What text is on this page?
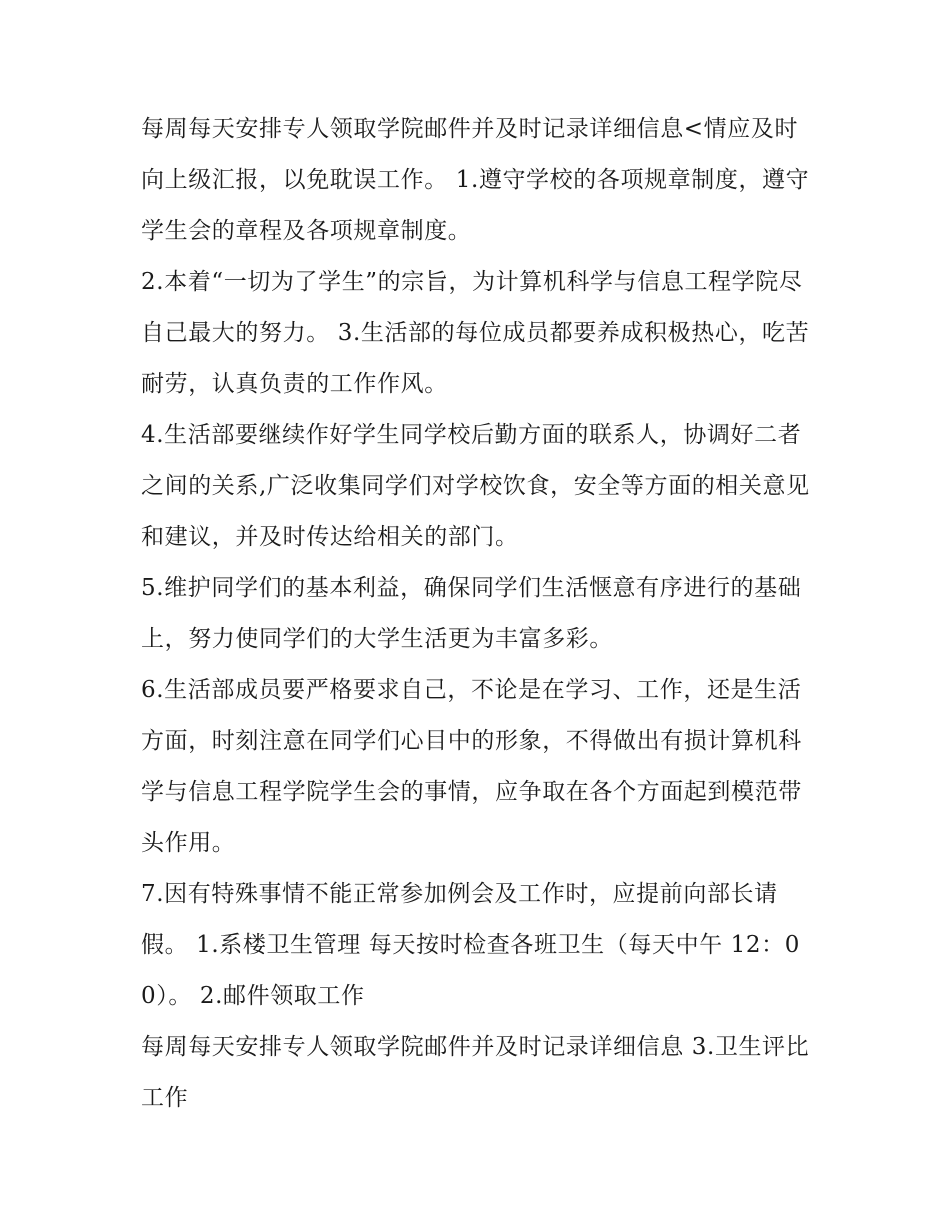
每周每天安排专人领取学院邮件并及时记录详细信息<情应及时向上级汇报，以免耽误工作。 1.遵守学校的各项规章制度，遵守学生会的章程及各项规章制度。

2.本着“一切为了学生”的宗旨，为计算机科学与信息工程学院尽自己最大的努力。 3.生活部的每位成员都要养成积极热心，吃苦耐劳，认真负责的工作作风。

4.生活部要继续作好学生同学校后勤方面的联系人，协调好二者之间的关系,广泛收集同学们对学校饮食，安全等方面的相关意见和建议，并及时传达给相关的部门。

5.维护同学们的基本利益，确保同学们生活惬意有序进行的基础上，努力使同学们的大学生活更为丰富多彩。

6.生活部成员要严格要求自己，不论是在学习、工作，还是生活方面，时刻注意在同学们心目中的形象，不得做出有损计算机科学与信息工程学院学生会的事情，应争取在各个方面起到模范带头作用。

7.因有特殊事情不能正常参加例会及工作时，应提前向部长请假。 1.系楼卫生管理 每天按时检查各班卫生（每天中午 12：00）。 2.邮件领取工作

每周每天安排专人领取学院邮件并及时记录详细信息 3.卫生评比工作
